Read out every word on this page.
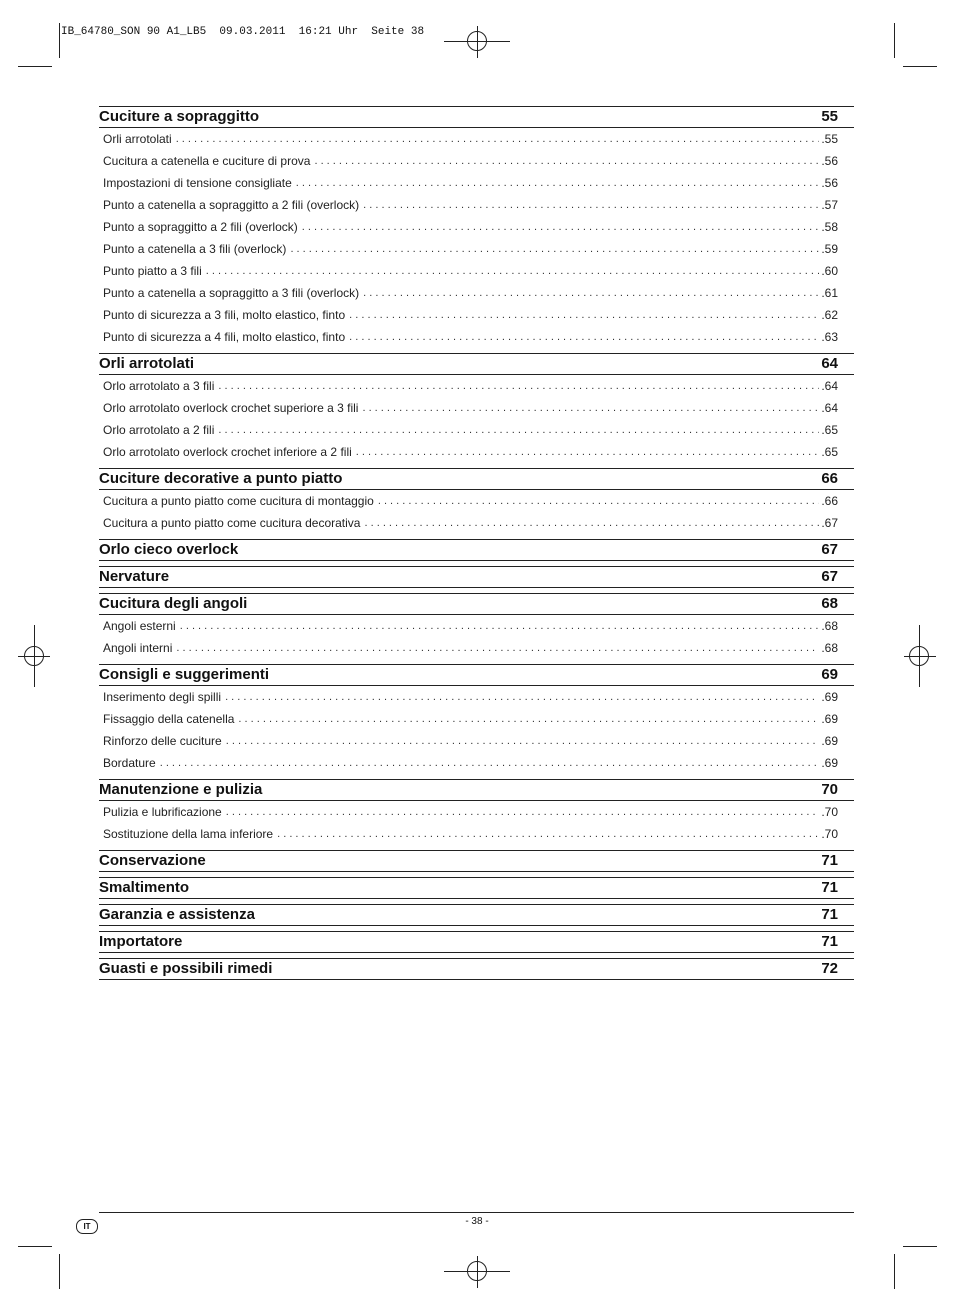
IB_64780_SON 90 A1_LB5  09.03.2011  16:21 Uhr  Seite 38
Cuciture a sopraggitto	55
Orli arrotolati . . .	.55
Cucitura a catenella e cuciture di prova . . .	.56
Impostazioni di tensione consigliate . . .	.56
Punto a catenella a sopraggitto a 2 fili (overlock) . . .	.57
Punto a sopraggitto a 2 fili (overlock) . . .	.58
Punto a catenella a 3 fili (overlock) . . .	.59
Punto piatto a 3 fili . . .	.60
Punto a catenella a sopraggitto a 3 fili (overlock) . . .	.61
Punto di sicurezza a 3 fili, molto elastico, finto . . .	.62
Punto di sicurezza a 4 fili, molto elastico, finto . . .	.63
Orli arrotolati	64
Orlo arrotolato a 3 fili . . .	.64
Orlo arrotolato overlock crochet superiore a 3 fili . . .	.64
Orlo arrotolato a 2 fili . . .	.65
Orlo arrotolato overlock crochet inferiore a 2 fili . . .	.65
Cuciture decorative a punto piatto	66
Cucitura a punto piatto come cucitura di montaggio . . .	.66
Cucitura a punto piatto come cucitura decorativa . . .	.67
Orlo cieco overlock	67
Nervature	67
Cucitura degli angoli	68
Angoli esterni . . .	.68
Angoli interni . . .	.68
Consigli e suggerimenti	69
Inserimento degli spilli . . .	.69
Fissaggio della catenella . . .	.69
Rinforzo delle cuciture . . .	.69
Bordature . . .	.69
Manutenzione e pulizia	70
Pulizia e lubrificazione . . .	.70
Sostituzione della lama inferiore . . .	.70
Conservazione	71
Smaltimento	71
Garanzia e assistenza	71
Importatore	71
Guasti e possibili rimedi	72
IT	- 38 -
